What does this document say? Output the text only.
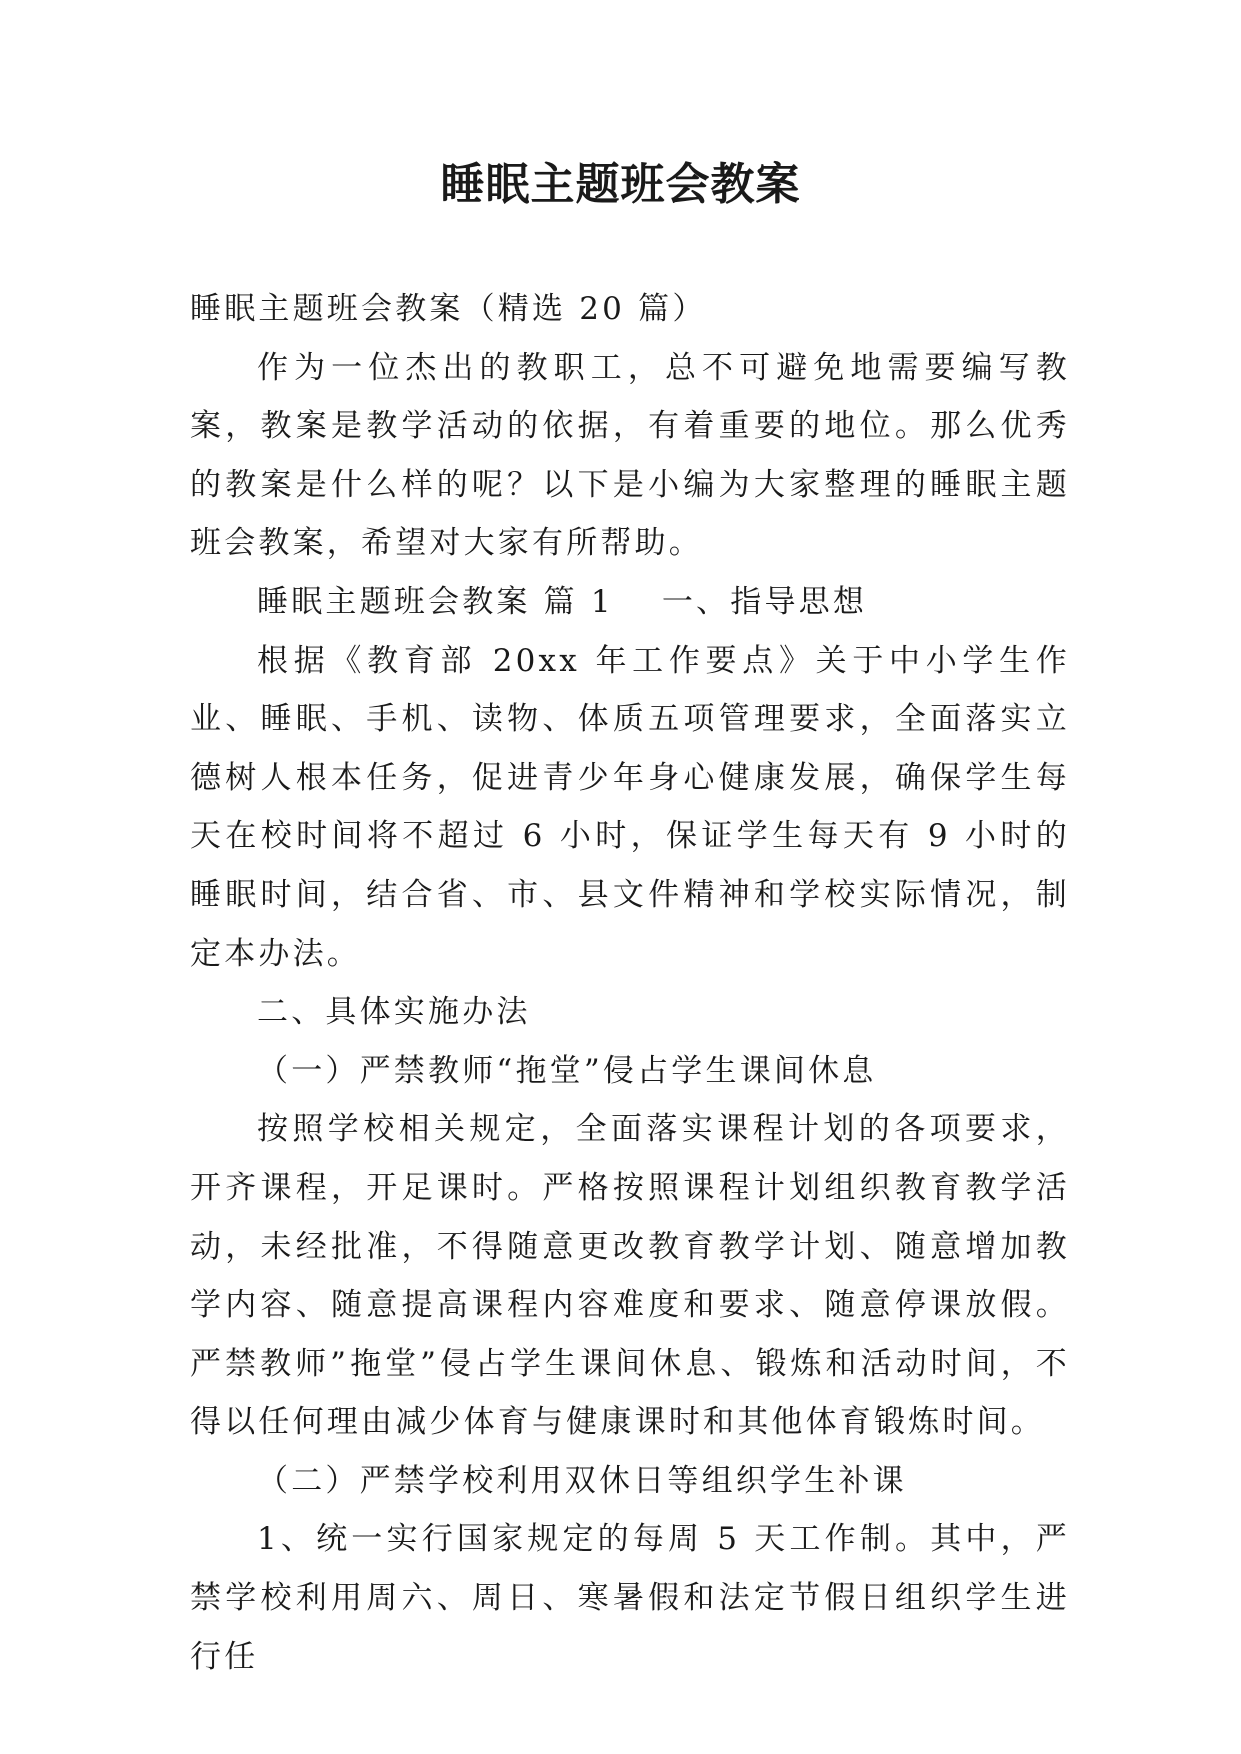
睡眠主题班会教案

睡眠主题班会教案（精选 20 篇）

作为一位杰出的教职工，总不可避免地需要编写教案，教案是教学活动的依据，有着重要的地位。那么优秀的教案是什么样的呢？以下是小编为大家整理的睡眠主题班会教案，希望对大家有所帮助。

睡眠主题班会教案 篇 1 一、指导思想

根据《教育部 20xx 年工作要点》关于中小学生作业、睡眠、手机、读物、体质五项管理要求，全面落实立德树人根本任务，促进青少年身心健康发展，确保学生每天在校时间将不超过 6 小时，保证学生每天有 9 小时的睡眠时间，结合省、市、县文件精神和学校实际情况，制定本办法。

二、具体实施办法

（一）严禁教师“拖堂”侵占学生课间休息

按照学校相关规定，全面落实课程计划的各项要求，开齐课程，开足课时。严格按照课程计划组织教育教学活动，未经批准，不得随意更改教育教学计划、随意增加教学内容、随意提高课程内容难度和要求、随意停课放假。严禁教师”拖堂”侵占学生课间休息、锻炼和活动时间，不得以任何理由减少体育与健康课时和其他体育锻炼时间。

（二）严禁学校利用双休日等组织学生补课

1、统一实行国家规定的每周 5 天工作制。其中，严禁学校利用周六、周日、寒暑假和法定节假日组织学生进行任
